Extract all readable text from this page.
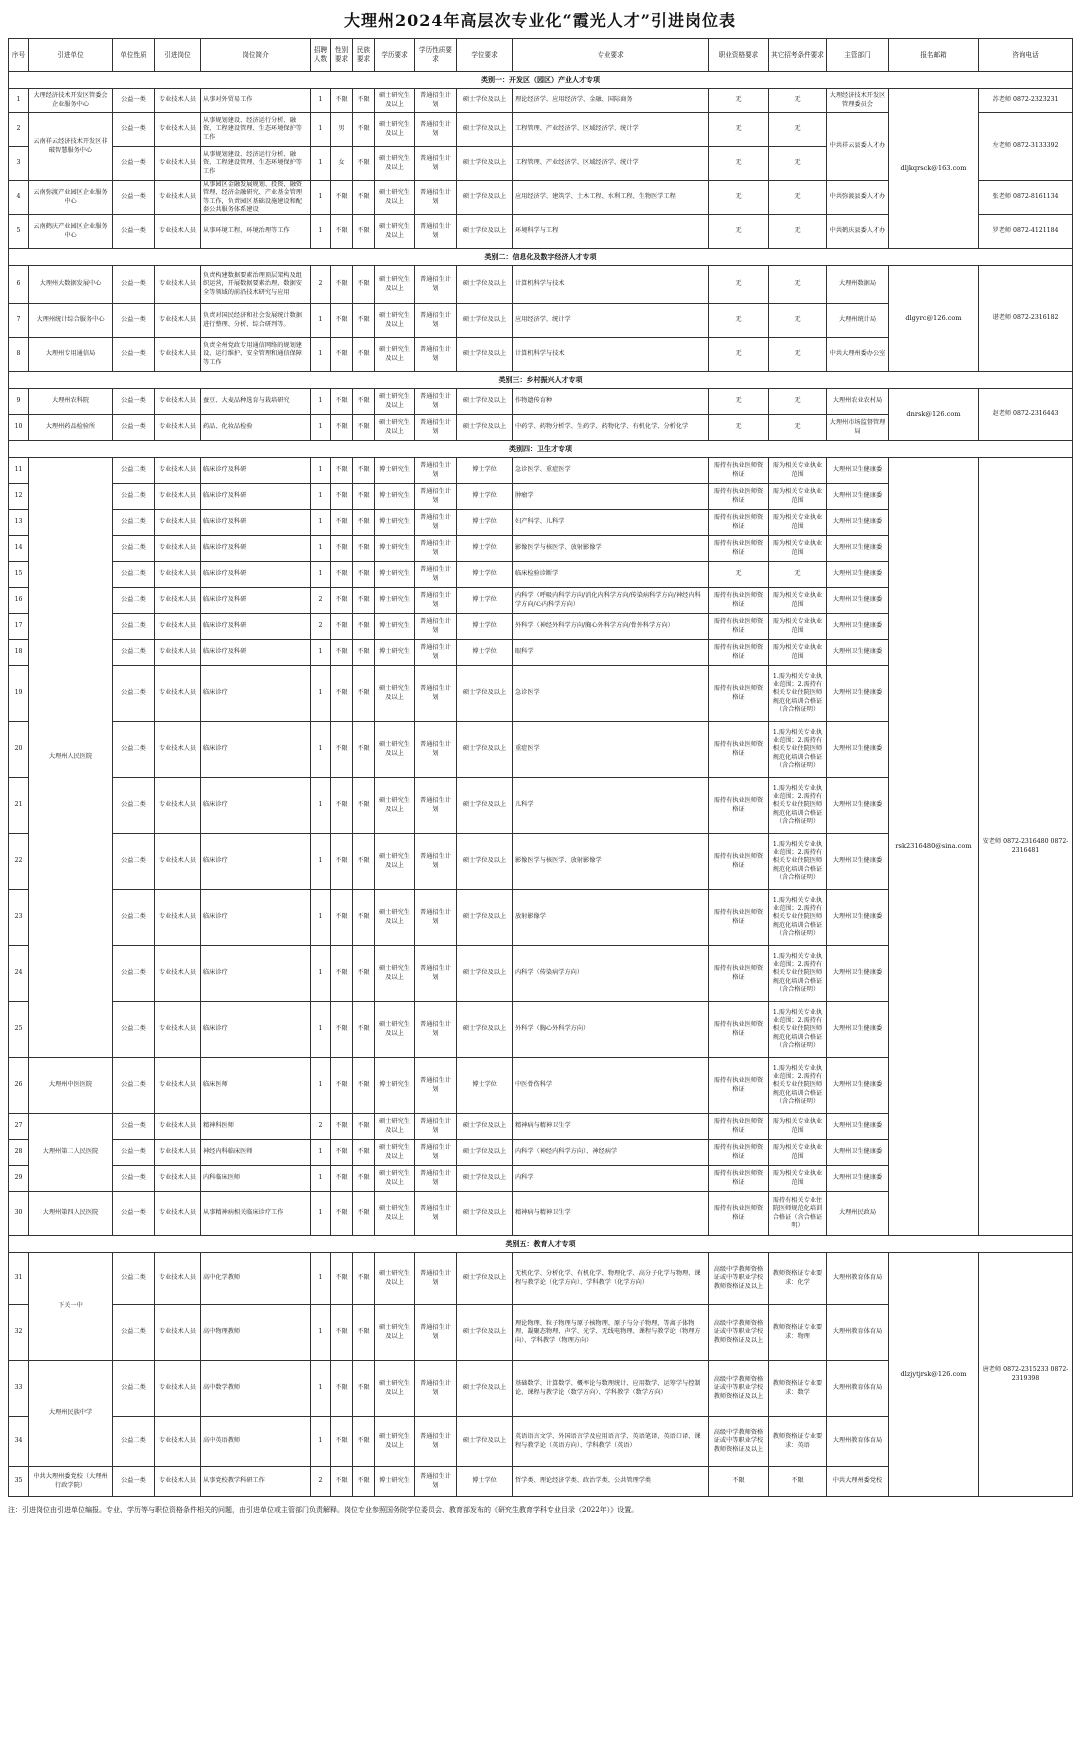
大理州2024年高层次专业化“霞光人才”引进岗位表
序号	引进单位	单位性质	引进岗位	岗位简介	招聘人数	性别要求	民族要求	学历要求	学历性质要求	学位要求	专业要求	职业资格要求	其它招考条件要求	主管部门	报名邮箱	咨询电话
类别一：开发区（园区）产业人才专项																
1	大理经济技术开发区管委会企业服务中心	公益一类	专业技术人员	从事对外贸易工作	1	不限	不限	硕士研究生及以上	普通招生计划	硕士学位及以上	理论经济学、应用经济学、金融、国际商务	无	无	大理经济技术开发区管理委员会	dljkqrsck@163.com	苏老师 0872-2323231
2	云南祥云经济技术开发区非破智慧服务中心	公益一类	专业技术人员	从事规划建设、经济运行分析、融资、工程建设管理、生态环境保护等工作	1	男	不限	硕士研究生及以上	普通招生计划	硕士学位及以上	工程管理、产业经济学、区域经济学、统计学	无	无	中共祥云县委人才办		左老师 0872-3133392
3		公益一类	专业技术人员	从事规划建设、经济运行分析、融资、工程建设管理、生态环境保护等工作	1	女	不限	硕士研究生及以上	普通招生计划	硕士学位及以上	工程管理、产业经济学、区域经济学、统计学	无	无			
4	云南弥渡产业园区企业服务中心	公益一类	专业技术人员	从事园区金融发展规划、投资、融资管理、经济金融研究、产业基金管理等工作，负责园区基础设施建设和配套公共服务体系建设	1	不限	不限	硕士研究生及以上	普通招生计划	硕士学位及以上	应用经济学、建筑学、土木工程、水利工程、生物医学工程	无	无	中共弥渡县委人才办		张老师 0872-8161134
5	云南鹤庆产业园区企业服务中心	公益一类	专业技术人员	从事环境工程、环境治理等工作	1	不限	不限	硕士研究生及以上	普通招生计划	硕士学位及以上	环境科学与工程	无	无	中共鹤庆县委人才办		罗老师 0872-4121184
类别二：信息化及数字经济人才专项																
6	大理州大数据发展中心	公益一类	专业技术人员	负责构建数据要素治理顶层架构及组织运营，开展数据要素治理、数据安全等领域的前沿技术研究与应用	2	不限	不限	硕士研究生及以上	普通招生计划	硕士学位及以上	计算机科学与技术	无	无	大理州数据局	dlgyrc@126.com	谌老师 0872-2316182
7	大理州统计综合服务中心	公益一类	专业技术人员	负责对国民经济和社会发展统计数据进行整理、分析、综合研判等。	1	不限	不限	硕士研究生及以上	普通招生计划	硕士学位及以上	应用经济学、统计学	无	无	大理州统计局		
8	大理州专用通信局	公益一类	专业技术人员	负责全州党政专用通信网络的规划建设、运行维护、安全管理和通信保障等工作	1	不限	不限	硕士研究生及以上	普通招生计划	硕士学位及以上	计算机科学与技术	无	无	中共大理州委办公室		
类别三：乡村振兴人才专项																
9	大理州农科院	公益一类	专业技术人员	蚕豆、大麦品种选育与栽培研究	1	不限	不限	硕士研究生及以上	普通招生计划	硕士学位及以上	作物遗传育种	无	无	大理州农业农村局	dnrsk@126.com	赵老师 0872-2316443
10	大理州药品检验所	公益一类	专业技术人员	药品、化妆品检验	1	不限	不限	硕士研究生及以上	普通招生计划	硕士学位及以上	中药学、药物分析学、生药学、药物化学、有机化学、分析化学	无	无	大理州市场监督管理局		
类别四：卫生才专项																
11	大理州人民医院	公益二类	专业技术人员	临床诊疗及科研	1	不限	不限	博士研究生	普通招生计划	博士学位	急诊医学、重症医学	需持有执业医师资格证	需为相关专业执业范围	大理州卫生健康委	rsk2316480@sina.com	安老师 0872-2316480 0872-2316481
12		公益二类	专业技术人员	临床诊疗及科研	1	不限	不限	博士研究生	普通招生计划	博士学位	肿瘤学	需持有执业医师资格证	需为相关专业执业范围	大理州卫生健康委		
13		公益二类	专业技术人员	临床诊疗及科研	1	不限	不限	博士研究生	普通招生计划	博士学位	妇产科学、儿科学	需持有执业医师资格证	需为相关专业执业范围	大理州卫生健康委		
14		公益二类	专业技术人员	临床诊疗及科研	1	不限	不限	博士研究生	普通招生计划	博士学位	影像医学与核医学、放射影像学	需持有执业医师资格证	需为相关专业执业范围	大理州卫生健康委		
15		公益二类	专业技术人员	临床诊疗及科研	1	不限	不限	博士研究生	普通招生计划	博士学位	临床检验诊断学	无	无	大理州卫生健康委		
16		公益二类	专业技术人员	临床诊疗及科研	2	不限	不限	博士研究生	普通招生计划	博士学位	内科学（呼吸内科学方向/消化内科学方向/传染病科学方向/神经内科学方向/心内科学方向）	需持有执业医师资格证	需为相关专业执业范围	大理州卫生健康委		
17		公益二类	专业技术人员	临床诊疗及科研	2	不限	不限	博士研究生	普通招生计划	博士学位	外科学（神经外科学方向/胸心外科学方向/骨外科学方向）	需持有执业医师资格证	需为相关专业执业范围	大理州卫生健康委		
18		公益二类	专业技术人员	临床诊疗及科研	1	不限	不限	博士研究生	普通招生计划	博士学位	眼科学	需持有执业医师资格证	需为相关专业执业范围	大理州卫生健康委		
19		公益二类	专业技术人员	临床诊疗	1	不限	不限	硕士研究生及以上	普通招生计划	硕士学位及以上	急诊医学	需持有执业医师资格证	1.需为相关专业执业范围；2.需持有相关专业住院医师规范化培训合格证（含合格证明）	大理州卫生健康委		
20		公益二类	专业技术人员	临床诊疗	1	不限	不限	硕士研究生及以上	普通招生计划	硕士学位及以上	重症医学	需持有执业医师资格证	1.需为相关专业执业范围；2.需持有相关专业住院医师规范化培训合格证（含合格证明）	大理州卫生健康委		
21		公益二类	专业技术人员	临床诊疗	1	不限	不限	硕士研究生及以上	普通招生计划	硕士学位及以上	儿科学	需持有执业医师资格证	1.需为相关专业执业范围；2.需持有相关专业住院医师规范化培训合格证（含合格证明）	大理州卫生健康委		
22		公益二类	专业技术人员	临床诊疗	1	不限	不限	硕士研究生及以上	普通招生计划	硕士学位及以上	影像医学与核医学、放射影像学	需持有执业医师资格证	1.需为相关专业执业范围；2.需持有相关专业住院医师规范化培训合格证（含合格证明）	大理州卫生健康委		
23		公益二类	专业技术人员	临床诊疗	1	不限	不限	硕士研究生及以上	普通招生计划	硕士学位及以上	放射影像学	需持有执业医师资格证	1.需为相关专业执业范围；2.需持有相关专业住院医师规范化培训合格证（含合格证明）	大理州卫生健康委		
24		公益二类	专业技术人员	临床诊疗	1	不限	不限	硕士研究生及以上	普通招生计划	硕士学位及以上	内科学（传染病学方向）	需持有执业医师资格证	1.需为相关专业执业范围；2.需持有相关专业住院医师规范化培训合格证（含合格证明）	大理州卫生健康委		
25		公益二类	专业技术人员	临床诊疗	1	不限	不限	硕士研究生及以上	普通招生计划	硕士学位及以上	外科学（胸心外科学方向）	需持有执业医师资格证	1.需为相关专业执业范围；2.需持有相关专业住院医师规范化培训合格证（含合格证明）	大理州卫生健康委		
26	大理州中医医院	公益二类	专业技术人员	临床医师	1	不限	不限	博士研究生	普通招生计划	博士学位	中医骨伤科学	需持有执业医师资格证	1.需为相关专业执业范围；2.需持有相关专业住院医师规范化培训合格证（含合格证明）	大理州卫生健康委		
27	大理州第二人民医院	公益一类	专业技术人员	精神科医师	2	不限	不限	硕士研究生及以上	普通招生计划	硕士学位及以上	精神病与精神卫生学	需持有执业医师资格证	需为相关专业执业范围	大理州卫生健康委		
28		公益一类	专业技术人员	神经内科临床医师	1	不限	不限	硕士研究生及以上	普通招生计划	硕士学位及以上	内科学（神经内科学方向）、神经病学	需持有执业医师资格证	需为相关专业执业范围	大理州卫生健康委		
29		公益一类	专业技术人员	内科临床医师	1	不限	不限	硕士研究生及以上	普通招生计划	硕士学位及以上	内科学	需持有执业医师资格证	需为相关专业执业范围	大理州卫生健康委		
30	大理州第四人民医院	公益一类	专业技术人员	从事精神病相关临床诊疗工作	1	不限	不限	硕士研究生及以上	普通招生计划	硕士学位及以上	精神病与精神卫生学	需持有执业医师资格证	需持有相关专业住院医师规范化培训合格证（含合格证明）	大理州民政局		
类别五：教育人才专项																
31	下关一中	公益二类	专业技术人员	高中化学教师	1	不限	不限	硕士研究生及以上	普通招生计划	硕士学位及以上	无机化学、分析化学、有机化学、物理化学、高分子化学与物理、课程与教学论（化学方向）、学科教学（化学方向）	高级中学教师资格证或中等职业学校教师资格证及以上	教师资格证专业要求：化学	大理州教育体育局	dlzjytjrsk@126.com	唐老师 0872-2315233 0872-2319398
32		公益二类	专业技术人员	高中物理教师	1	不限	不限	硕士研究生及以上	普通招生计划	硕士学位及以上	理论物理、粒子物理与原子核物理、原子与分子物理、等离子体物理、凝聚态物理、声学、光学、无线电物理、课程与教学论（物理方向）、学科教学（物理方向）	高级中学教师资格证或中等职业学校教师资格证及以上	教师资格证专业要求：物理	大理州教育体育局		
33	大理州民族中学	公益二类	专业技术人员	高中数学教师	1	不限	不限	硕士研究生及以上	普通招生计划	硕士学位及以上	基础数学、计算数学、概率论与数理统计、应用数学、运筹学与控制论、课程与教学论（数学方向）、学科教学（数学方向）	高级中学教师资格证或中等职业学校教师资格证及以上	教师资格证专业要求：数学	大理州教育体育局		
34		公益二类	专业技术人员	高中英语教师	1	不限	不限	硕士研究生及以上	普通招生计划	硕士学位及以上	英语语言文学、外国语言学及应用语言学、英语笔译、英语口译、课程与教学论（英语方向）、学科教学（英语）	高级中学教师资格证或中等职业学校教师资格证及以上	教师资格证专业要求：英语	大理州教育体育局		
35	中共大理州委党校（大理州行政学院）	公益一类	专业技术人员	从事党校教学科研工作	2	不限	不限	博士研究生	普通招生计划	博士学位	哲学类、理论经济学类、政治学类、公共管理学类	不限	不限	中共大理州委党校		
注：引进岗位由引进单位编报。专业、学历等与职位资格条件相关的问题，由引进单位或主管部门负责解释。岗位专业参照国务院学位委员会、教育部发布的《研究生教育学科专业目录（2022年）》设置。
